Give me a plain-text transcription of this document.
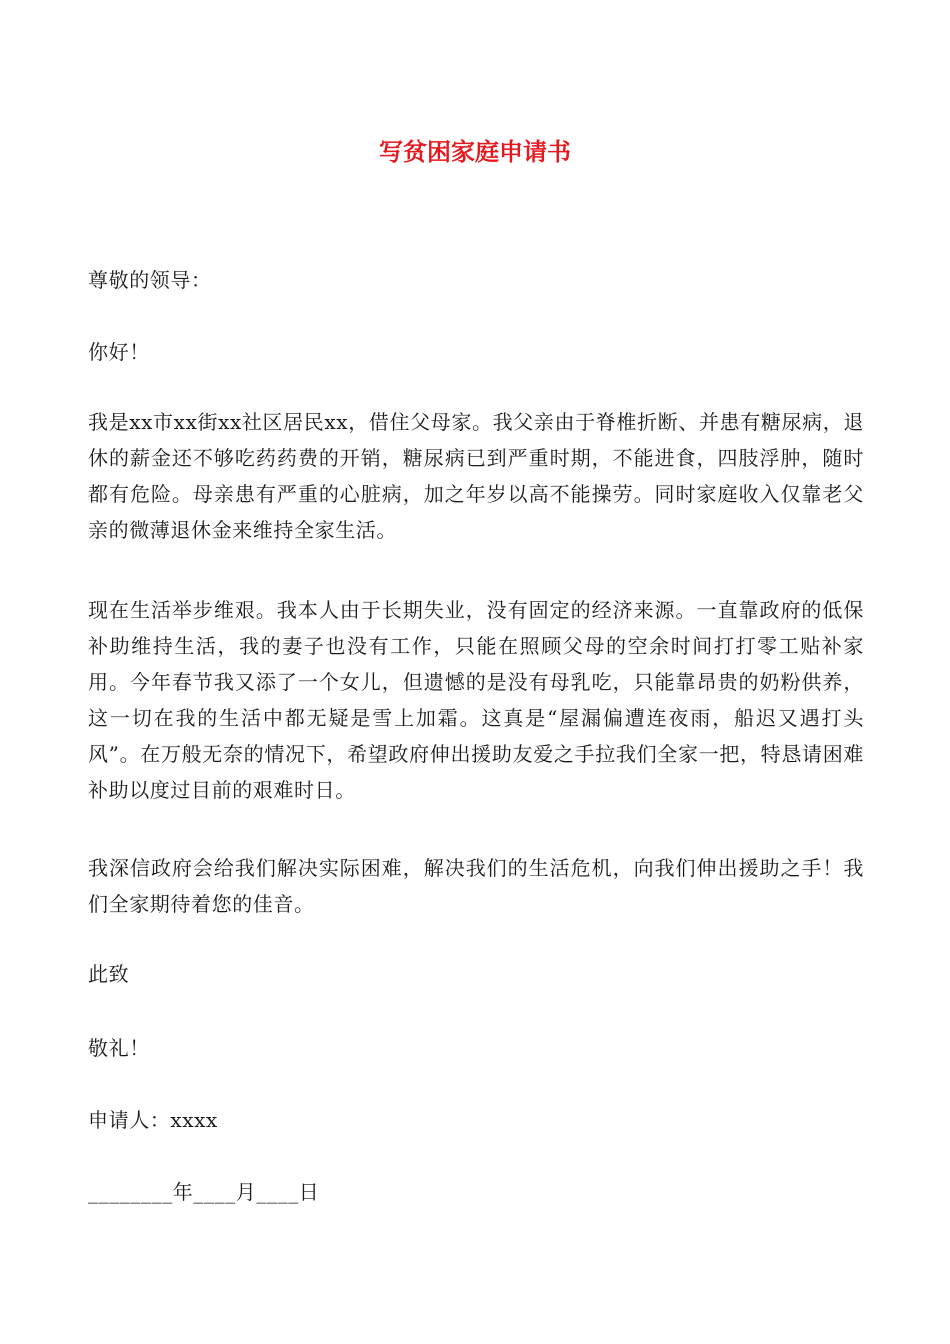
写贫困家庭申请书

尊敬的领导：

你好！

我是xx市xx街xx社区居民xx，借住父母家。我父亲由于脊椎折断、并患有糖尿病，退休的薪金还不够吃药药费的开销，糖尿病已到严重时期，不能进食，四肢浮肿，随时都有危险。母亲患有严重的心脏病，加之年岁以高不能操劳。同时家庭收入仅靠老父亲的微薄退休金来维持全家生活。

现在生活举步维艰。我本人由于长期失业，没有固定的经济来源。一直靠政府的低保补助维持生活，我的妻子也没有工作，只能在照顾父母的空余时间打打零工贴补家用。今年春节我又添了一个女儿，但遗憾的是没有母乳吃，只能靠昂贵的奶粉供养，这一切在我的生活中都无疑是雪上加霜。这真是“屋漏偏遭连夜雨，船迟又遇打头风”。在万般无奈的情况下，希望政府伸出援助友爱之手拉我们全家一把，特恳请困难补助以度过目前的艰难时日。

我深信政府会给我们解决实际困难，解决我们的生活危机，向我们伸出援助之手！我们全家期待着您的佳音。

此致

敬礼！

申请人：xxxx

________年____月____日
